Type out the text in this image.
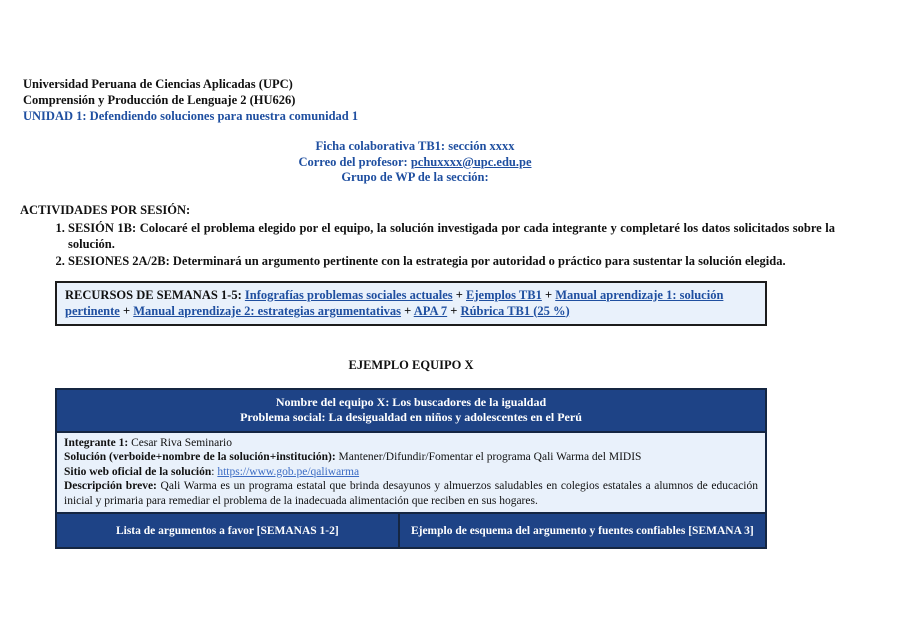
Universidad Peruana de Ciencias Aplicadas (UPC)
Comprensión y Producción de Lenguaje 2 (HU626)
UNIDAD 1: Defendiendo soluciones para nuestra comunidad 1
Ficha colaborativa TB1: sección xxxx
Correo del profesor: pchuxxxx@upc.edu.pe
Grupo de WP de la sección:
ACTIVIDADES POR SESIÓN:
1. SESIÓN 1B: Colocaré el problema elegido por el equipo, la solución investigada por cada integrante y completaré los datos solicitados sobre la solución.
2. SESIONES 2A/2B: Determinará un argumento pertinente con la estrategia por autoridad o práctico para sustentar la solución elegida.
RECURSOS DE SEMANAS 1-5: Infografías problemas sociales actuales + Ejemplos TB1 + Manual aprendizaje 1: solución pertinente + Manual aprendizaje 2: estrategias argumentativas + APA 7 + Rúbrica TB1 (25 %)
EJEMPLO EQUIPO X
Nombre del equipo X: Los buscadores de la igualdad
Problema social: La desigualdad en niños y adolescentes en el Perú
Integrante 1: Cesar Riva Seminario
Solución (verboide+nombre de la solución+institución): Mantener/Difundir/Fomentar el programa Qali Warma del MIDIS
Sitio web oficial de la solución: https://www.gob.pe/qaliwarma
Descripción breve: Qali Warma es un programa estatal que brinda desayunos y almuerzos saludables en colegios estatales a alumnos de educación inicial y primaria para remediar el problema de la inadecuada alimentación que reciben en sus hogares.
Lista de argumentos a favor [SEMANAS 1-2]	Ejemplo de esquema del argumento y fuentes confiables [SEMANA 3]
